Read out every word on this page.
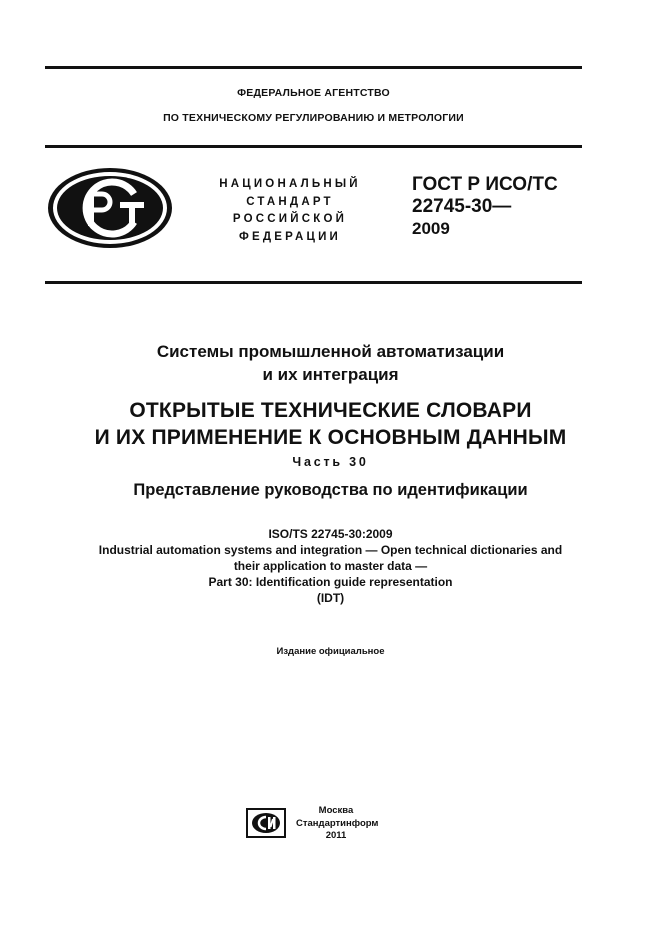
ФЕДЕРАЛЬНОЕ АГЕНТСТВО
ПО ТЕХНИЧЕСКОМУ РЕГУЛИРОВАНИЮ И МЕТРОЛОГИИ
НАЦИОНАЛЬНЫЙ
СТАНДАРТ
РОССИЙСКОЙ
ФЕДЕРАЦИИ
ГОСТ Р ИСО/ТС
22745-30—
2009
Системы промышленной автоматизации
и их интеграция
ОТКРЫТЫЕ ТЕХНИЧЕСКИЕ СЛОВАРИ
И ИХ ПРИМЕНЕНИЕ К ОСНОВНЫМ ДАННЫМ
Часть 30
Представление руководства по идентификации
ISO/TS 22745-30:2009
Industrial automation systems and integration — Open technical dictionaries and
their application to master data —
Part 30: Identification guide representation
(IDT)
Издание официальное
Москва
Стандартинформ
2011
